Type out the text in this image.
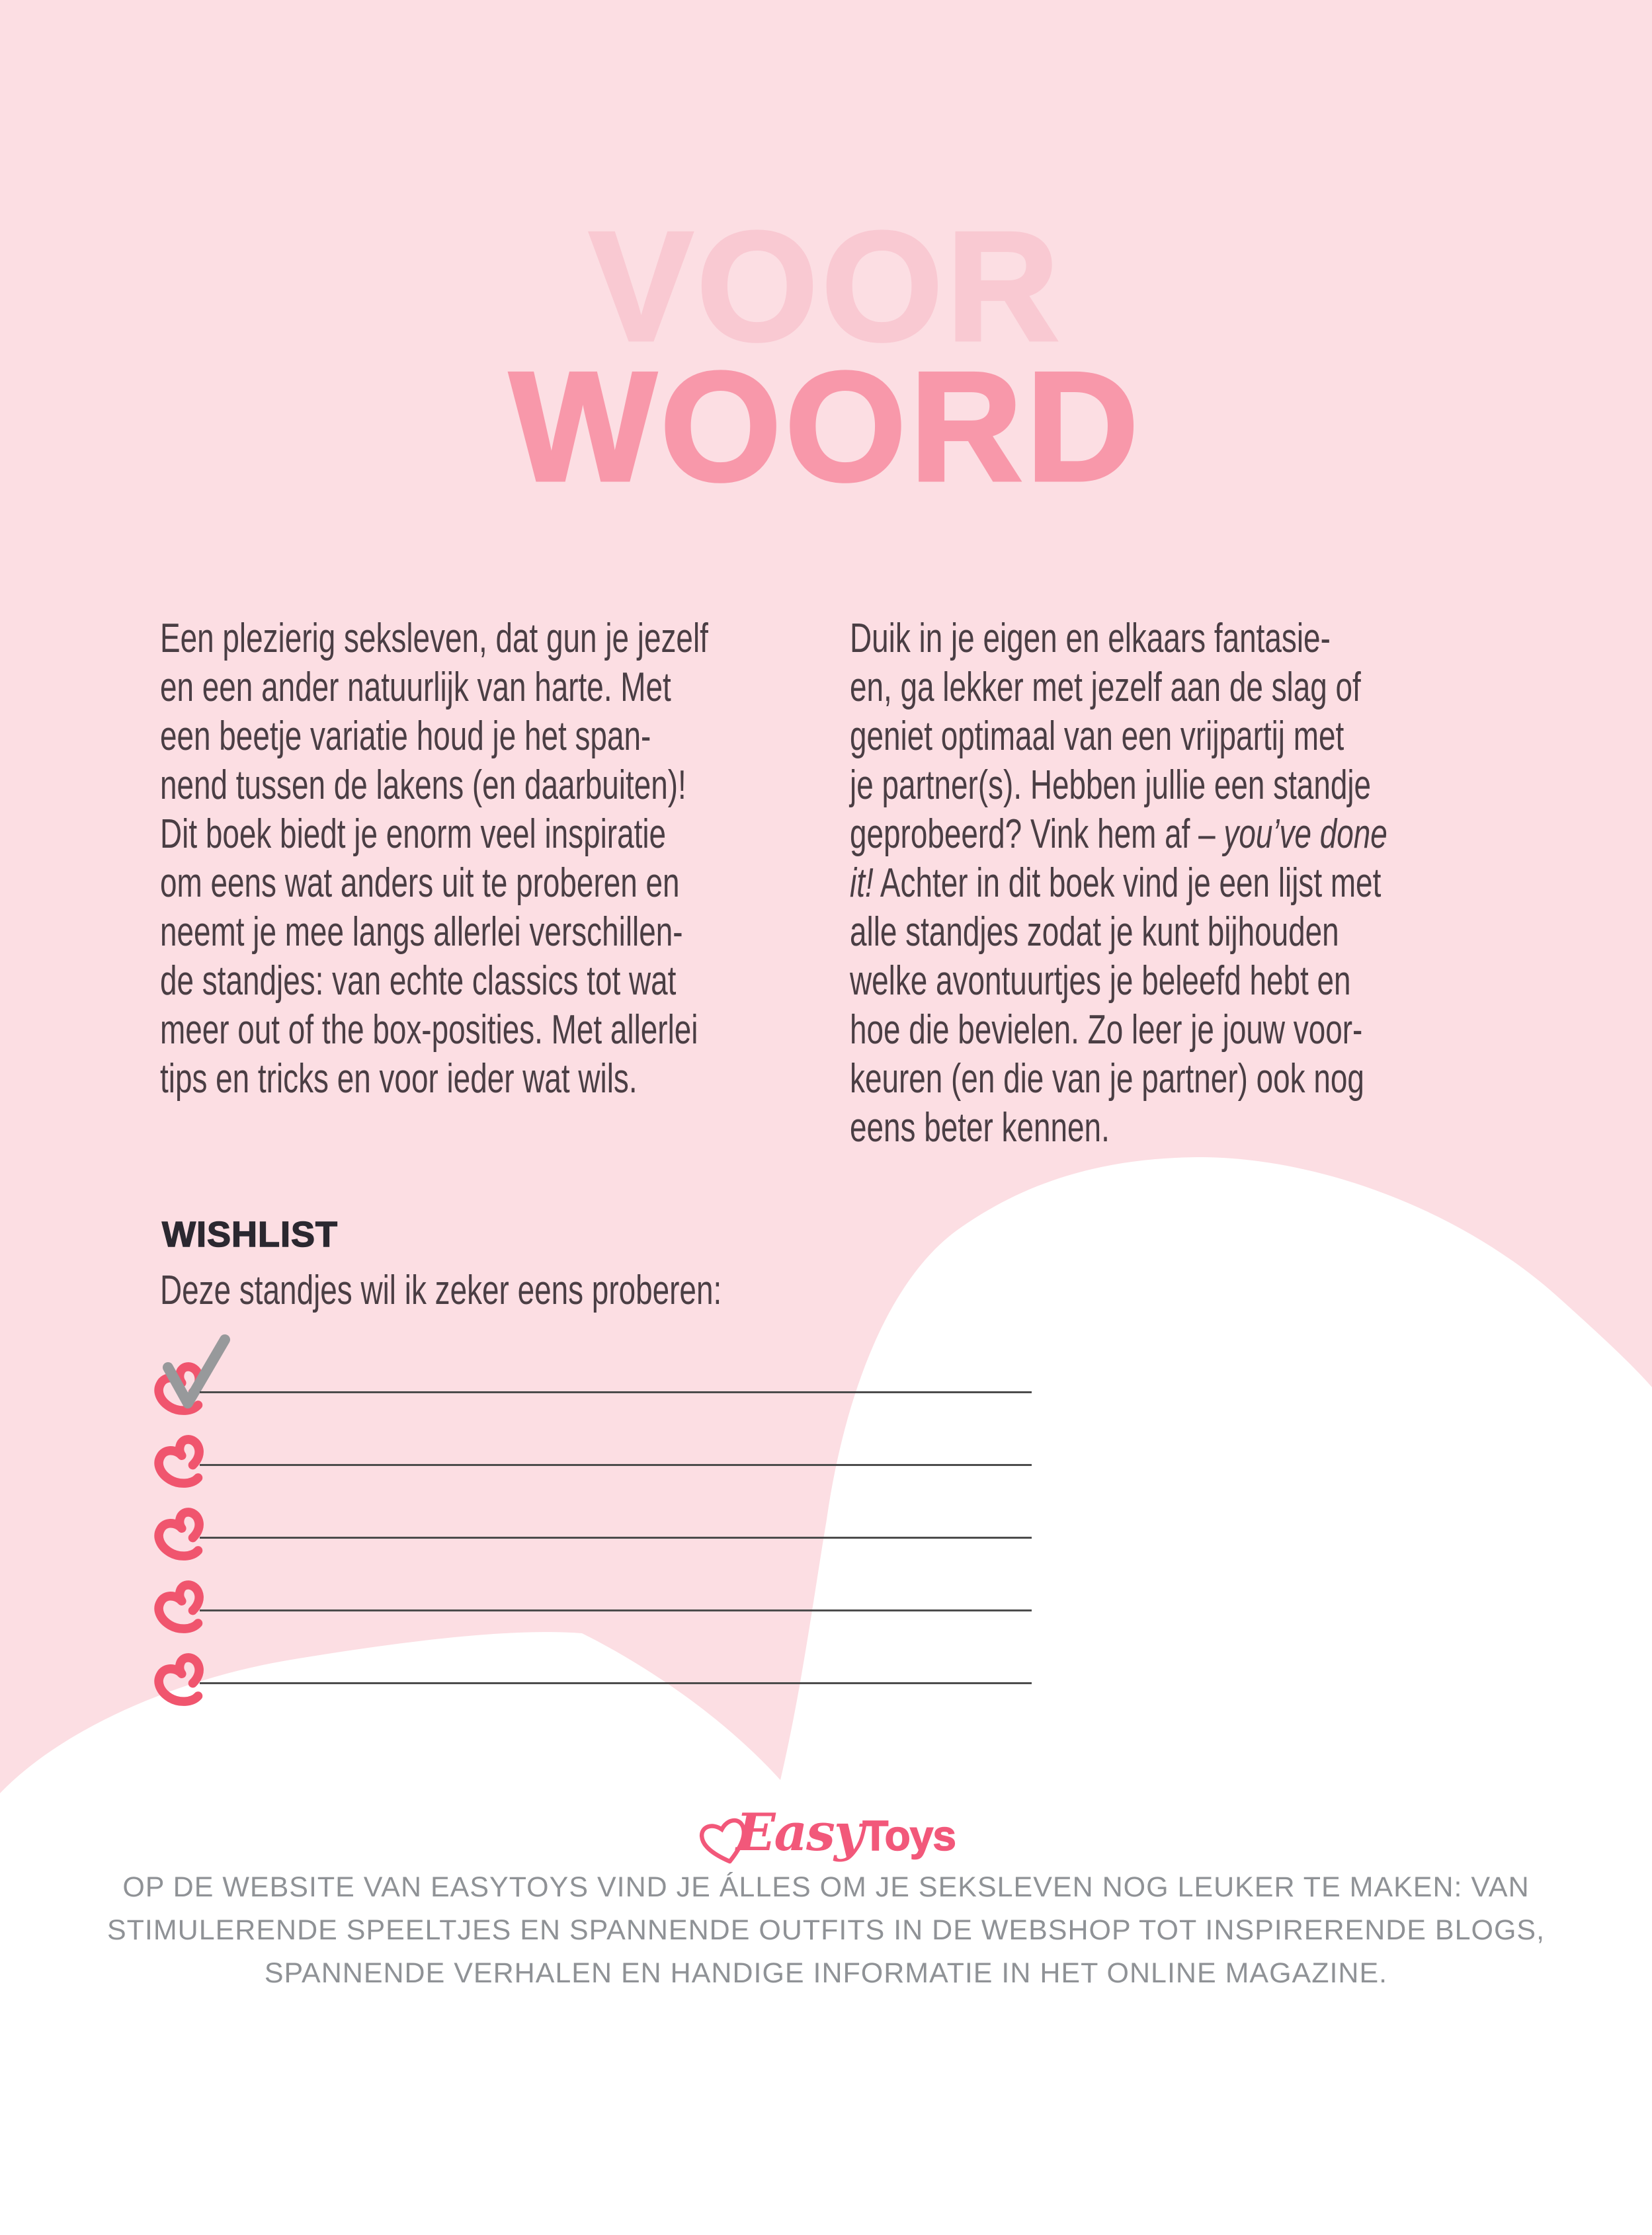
VOOR
WOORD
Een plezierig seksleven, dat gun je jezelf
en een ander natuurlijk van harte. Met
een beetje variatie houd je het span-
nend tussen de lakens (en daarbuiten)!
Dit boek biedt je enorm veel inspiratie
om eens wat anders uit te proberen en
neemt je mee langs allerlei verschillen-
de standjes: van echte classics tot wat
meer out of the box-posities. Met allerlei
tips en tricks en voor ieder wat wils.
Duik in je eigen en elkaars fantasie-
en, ga lekker met jezelf aan de slag of
geniet optimaal van een vrijpartij met
je partner(s). Hebben jullie een standje
geprobeerd? Vink hem af – you’ve done
it! Achter in dit boek vind je een lijst met
alle standjes zodat je kunt bijhouden
welke avontuurtjes je beleefd hebt en
hoe die bevielen. Zo leer je jouw voor-
keuren (en die van je partner) ook nog
eens beter kennen.
WISHLIST
Deze standjes wil ik zeker eens proberen:
Easy Toys
OP DE WEBSITE VAN EASYTOYS VIND JE ÁLLES OM JE SEKSLEVEN NOG LEUKER TE MAKEN: VAN
STIMULERENDE SPEELTJES EN SPANNENDE OUTFITS IN DE WEBSHOP TOT INSPIRERENDE BLOGS,
SPANNENDE VERHALEN EN HANDIGE INFORMATIE IN HET ONLINE MAGAZINE.
